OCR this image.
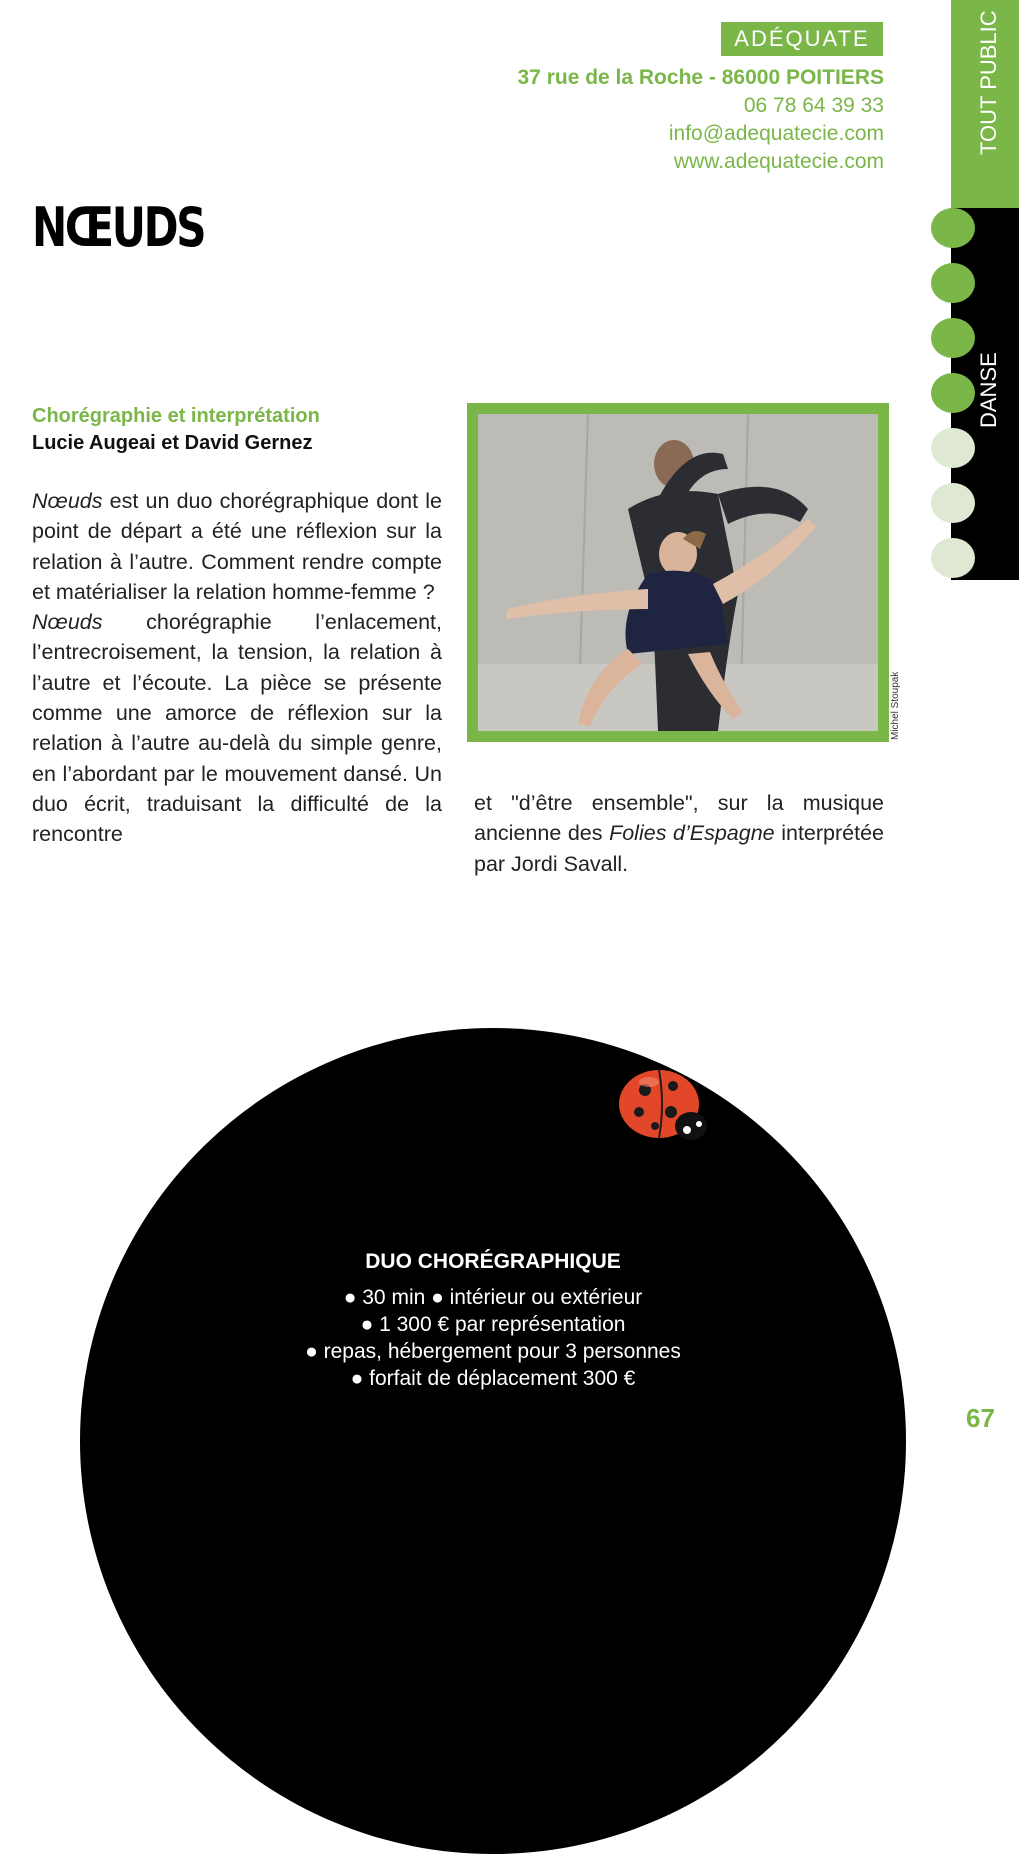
ADÉQUATE
37 rue de la Roche - 86000 POITIERS
06 78 64 39 33
info@adequatecie.com
www.adequatecie.com
NŒUDS
TOUT PUBLIC
DANSE
Chorégraphie et interprétation
Lucie Augeai et David Gernez

Nœuds est un duo chorégraphique dont le point de départ a été une réflexion sur la relation à l’autre. Comment rendre compte et matérialiser la relation homme-femme ?

Nœuds chorégraphie l’enlacement, l’entrecroisement, la tension, la relation à l’autre et l’écoute. La pièce se présente comme une amorce de réflexion sur la relation à l’autre au-delà du simple genre, en l’abordant par le mouvement dansé. Un duo écrit, traduisant la difficulté de la rencontre

Michel Stoupak

et "d’être ensemble", sur la musique ancienne des Folies d’Espagne interprétée par Jordi Savall.

DUO CHORÉGRAPHIQUE
● 30 min ● intérieur ou extérieur
● 1 300 € par représentation
● repas, hébergement pour 3 personnes
● forfait de déplacement 300 €
67
